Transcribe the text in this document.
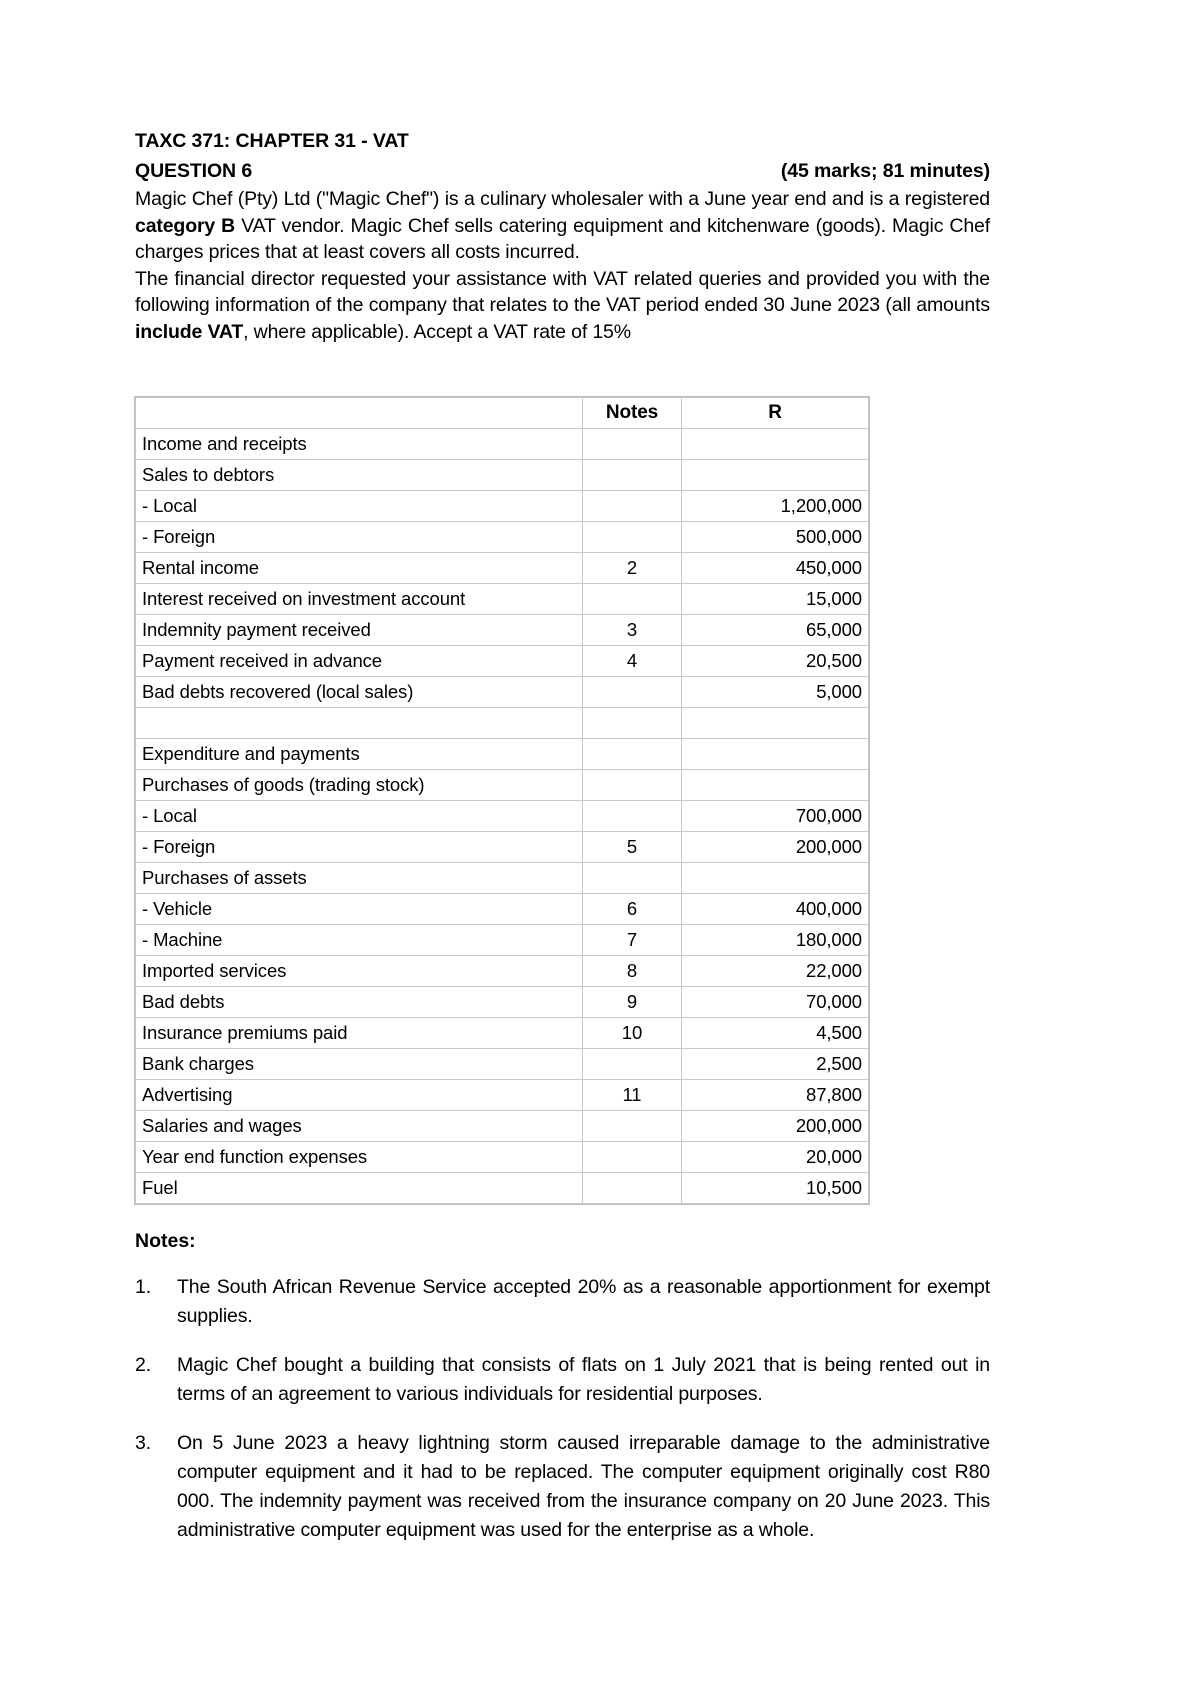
TAXC 371: CHAPTER 31 - VAT
QUESTION 6	(45 marks; 81 minutes)

Magic Chef (Pty) Ltd ("Magic Chef") is a culinary wholesaler with a June year end and is a registered category B VAT vendor. Magic Chef sells catering equipment and kitchenware (goods). Magic Chef charges prices that at least covers all costs incurred.

The financial director requested your assistance with VAT related queries and provided you with the following information of the company that relates to the VAT period ended 30 June 2023 (all amounts include VAT, where applicable). Accept a VAT rate of 15%

	Notes	R
Income and receipts		
Sales to debtors		
- Local		1,200,000
- Foreign		500,000
Rental income	2	450,000
Interest received on investment account		15,000
Indemnity payment received	3	65,000
Payment received in advance	4	20,500
Bad debts recovered (local sales)		5,000

Expenditure and payments		
Purchases of goods (trading stock)		
- Local		700,000
- Foreign	5	200,000
Purchases of assets		
- Vehicle	6	400,000
- Machine	7	180,000
Imported services	8	22,000
Bad debts	9	70,000
Insurance premiums paid	10	4,500
Bank charges		2,500
Advertising	11	87,800
Salaries and wages		200,000
Year end function expenses		20,000
Fuel		10,500
Notes:
1.	The South African Revenue Service accepted 20% as a reasonable apportionment for exempt supplies.
2.	Magic Chef bought a building that consists of flats on 1 July 2021 that is being rented out in terms of an agreement to various individuals for residential purposes.
3.	On 5 June 2023 a heavy lightning storm caused irreparable damage to the administrative computer equipment and it had to be replaced. The computer equipment originally cost R80 000. The indemnity payment was received from the insurance company on 20 June 2023. This administrative computer equipment was used for the enterprise as a whole.
